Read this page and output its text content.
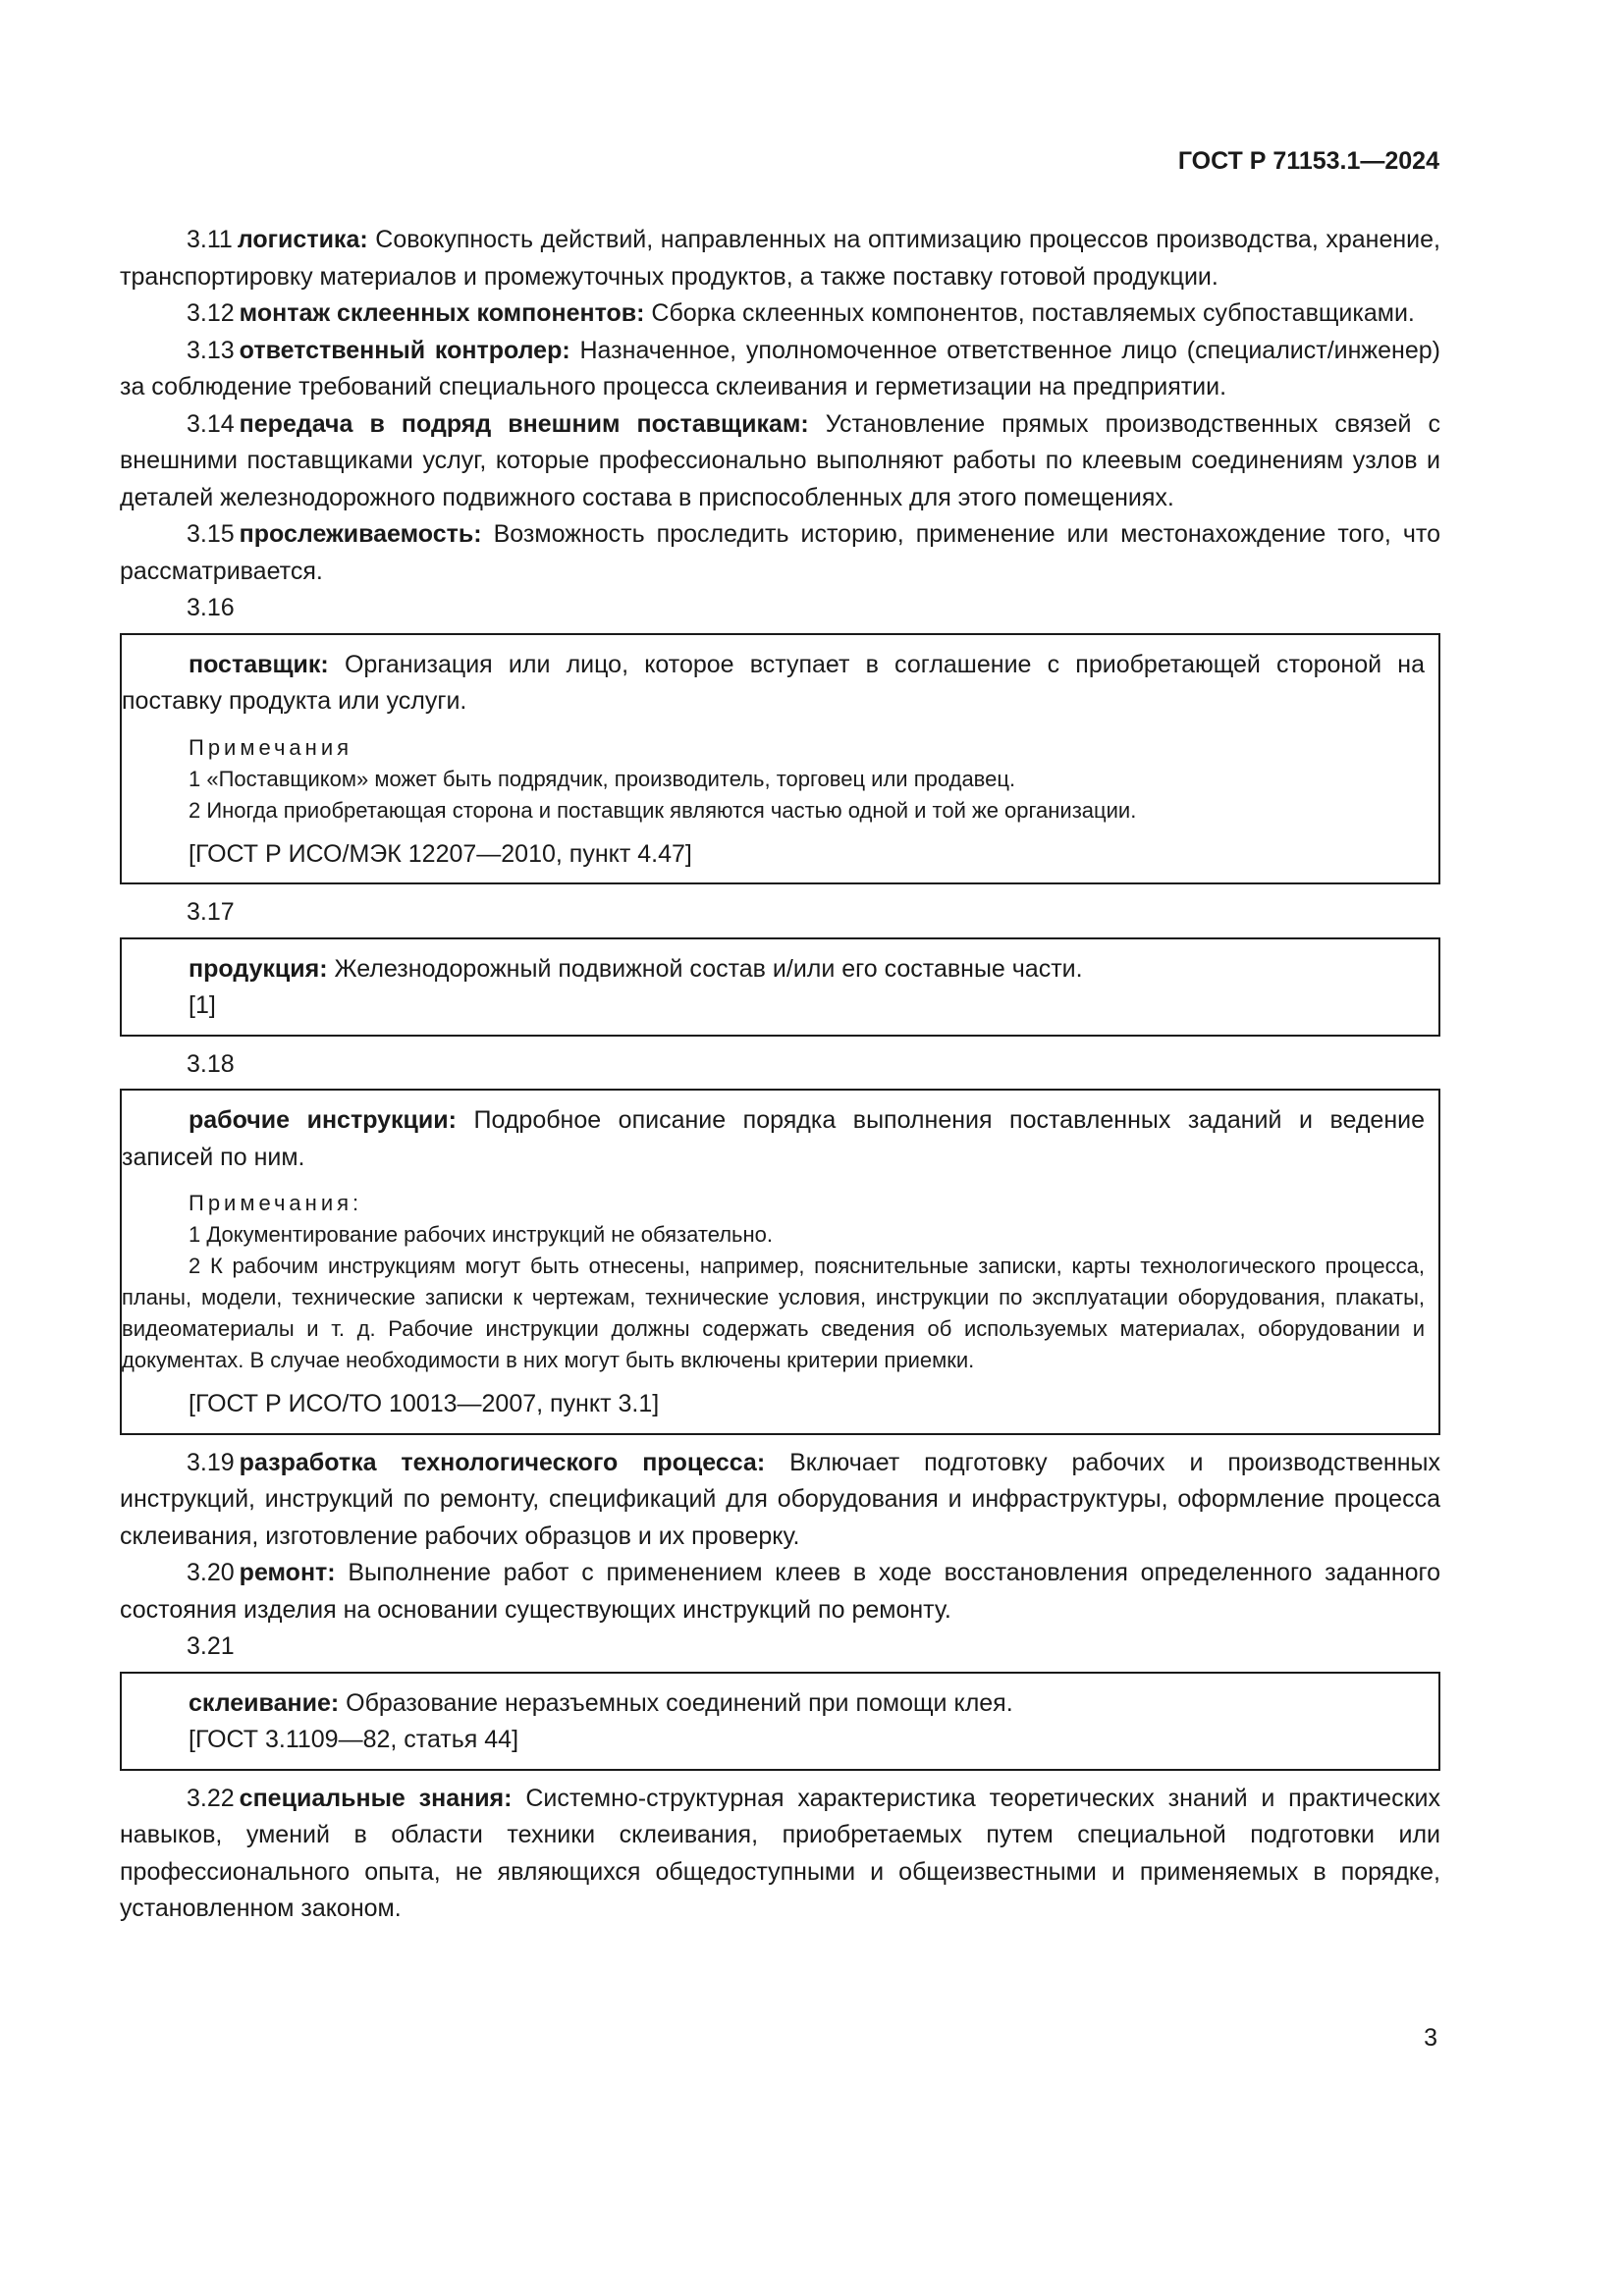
ГОСТ Р 71153.1—2024

3.11 логистика: Совокупность действий, направленных на оптимизацию процессов производства, хранение, транспортировку материалов и промежуточных продуктов, а также поставку готовой продукции.

3.12 монтаж склеенных компонентов: Сборка склеенных компонентов, поставляемых субпоставщиками.

3.13 ответственный контролер: Назначенное, уполномоченное ответственное лицо (специалист/инженер) за соблюдение требований специального процесса склеивания и герметизации на предприятии.

3.14 передача в подряд внешним поставщикам: Установление прямых производственных связей с внешними поставщиками услуг, которые профессионально выполняют работы по клеевым соединениям узлов и деталей железнодорожного подвижного состава в приспособленных для этого помещениях.

3.15 прослеживаемость: Возможность проследить историю, применение или местонахождение того, что рассматривается.

3.16

поставщик: Организация или лицо, которое вступает в соглашение с приобретающей стороной на поставку продукта или услуги.

Примечания

1 «Поставщиком» может быть подрядчик, производитель, торговец или продавец.

2 Иногда приобретающая сторона и поставщик являются частью одной и той же организации.

[ГОСТ Р ИСО/МЭК 12207—2010, пункт 4.47]

3.17

продукция: Железнодорожный подвижной состав и/или его составные части.

[1]

3.18

рабочие инструкции: Подробное описание порядка выполнения поставленных заданий и ведение записей по ним.

Примечания:

1 Документирование рабочих инструкций не обязательно.

2 К рабочим инструкциям могут быть отнесены, например, пояснительные записки, карты технологического процесса, планы, модели, технические записки к чертежам, технические условия, инструкции по эксплуатации оборудования, плакаты, видеоматериалы и т. д. Рабочие инструкции должны содержать сведения об используемых материалах, оборудовании и документах. В случае необходимости в них могут быть включены критерии приемки.

[ГОСТ Р ИСО/ТО 10013—2007, пункт 3.1]

3.19 разработка технологического процесса: Включает подготовку рабочих и производственных инструкций, инструкций по ремонту, спецификаций для оборудования и инфраструктуры, оформление процесса склеивания, изготовление рабочих образцов и их проверку.

3.20 ремонт: Выполнение работ с применением клеев в ходе восстановления определенного заданного состояния изделия на основании существующих инструкций по ремонту.

3.21

склеивание: Образование неразъемных соединений при помощи клея.

[ГОСТ 3.1109—82, статья 44]

3.22 специальные знания: Системно-структурная характеристика теоретических знаний и практических навыков, умений в области техники склеивания, приобретаемых путем специальной подготовки или профессионального опыта, не являющихся общедоступными и общеизвестными и применяемых в порядке, установленном законом.

3
